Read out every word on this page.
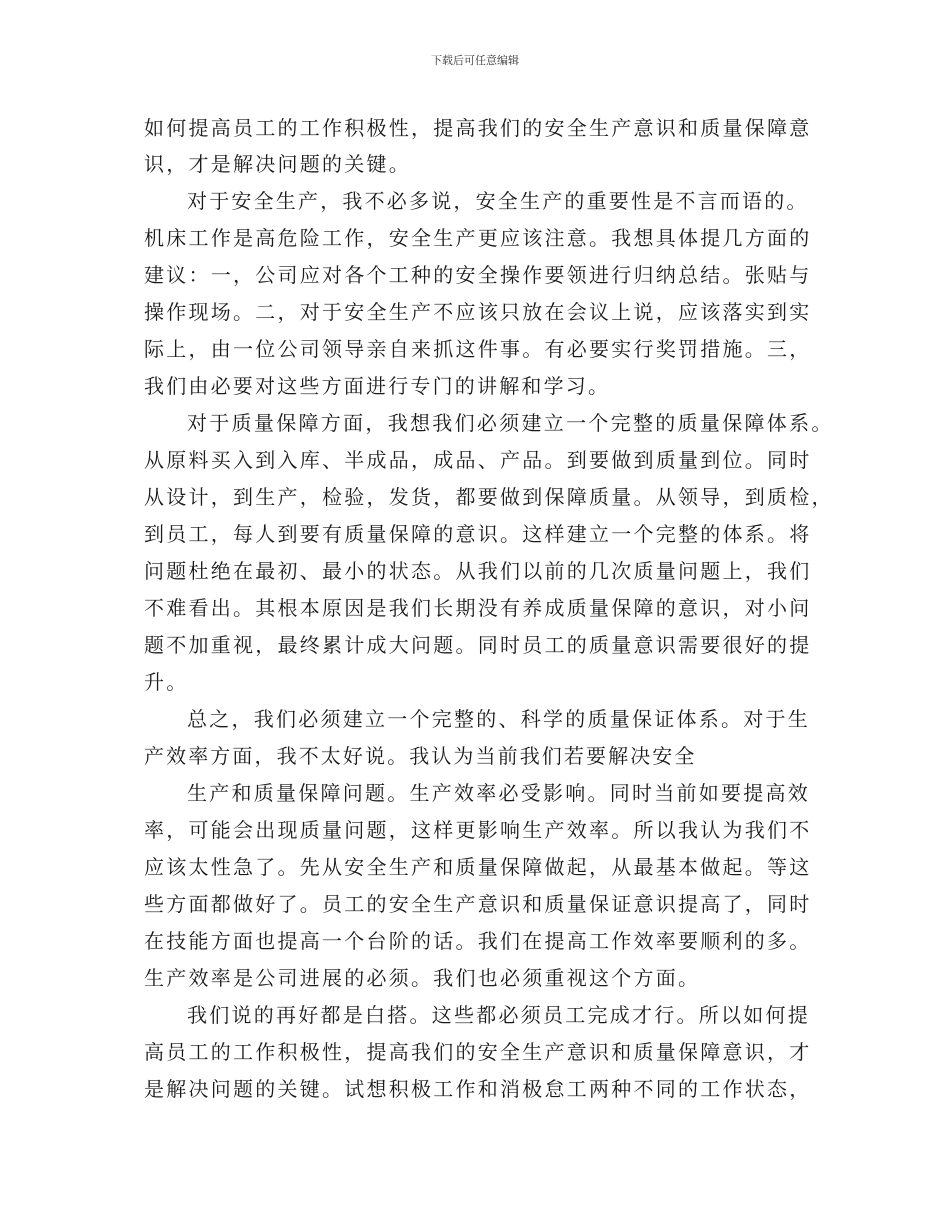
下载后可任意编辑
如何提高员工的工作积极性，提高我们的安全生产意识和质量保障意
识，才是解决问题的关键。
对于安全生产，我不必多说，安全生产的重要性是不言而语的。
机床工作是高危险工作，安全生产更应该注意。我想具体提几方面的
建议：一，公司应对各个工种的安全操作要领进行归纳总结。张贴与
操作现场。二，对于安全生产不应该只放在会议上说，应该落实到实
际上，由一位公司领导亲自来抓这件事。有必要实行奖罚措施。三，
我们由必要对这些方面进行专门的讲解和学习。
对于质量保障方面，我想我们必须建立一个完整的质量保障体系。
从原料买入到入库、半成品，成品、产品。到要做到质量到位。同时
从设计，到生产，检验，发货，都要做到保障质量。从领导，到质检，
到员工，每人到要有质量保障的意识。这样建立一个完整的体系。将
问题杜绝在最初、最小的状态。从我们以前的几次质量问题上，我们
不难看出。其根本原因是我们长期没有养成质量保障的意识，对小问
题不加重视，最终累计成大问题。同时员工的质量意识需要很好的提
升。
总之，我们必须建立一个完整的、科学的质量保证体系。对于生
产效率方面，我不太好说。我认为当前我们若要解决安全
生产和质量保障问题。生产效率必受影响。同时当前如要提高效
率，可能会出现质量问题，这样更影响生产效率。所以我认为我们不
应该太性急了。先从安全生产和质量保障做起，从最基本做起。等这
些方面都做好了。员工的安全生产意识和质量保证意识提高了，同时
在技能方面也提高一个台阶的话。我们在提高工作效率要顺利的多。
生产效率是公司进展的必须。我们也必须重视这个方面。
我们说的再好都是白搭。这些都必须员工完成才行。所以如何提
高员工的工作积极性，提高我们的安全生产意识和质量保障意识，才
是解决问题的关键。试想积极工作和消极怠工两种不同的工作状态，
